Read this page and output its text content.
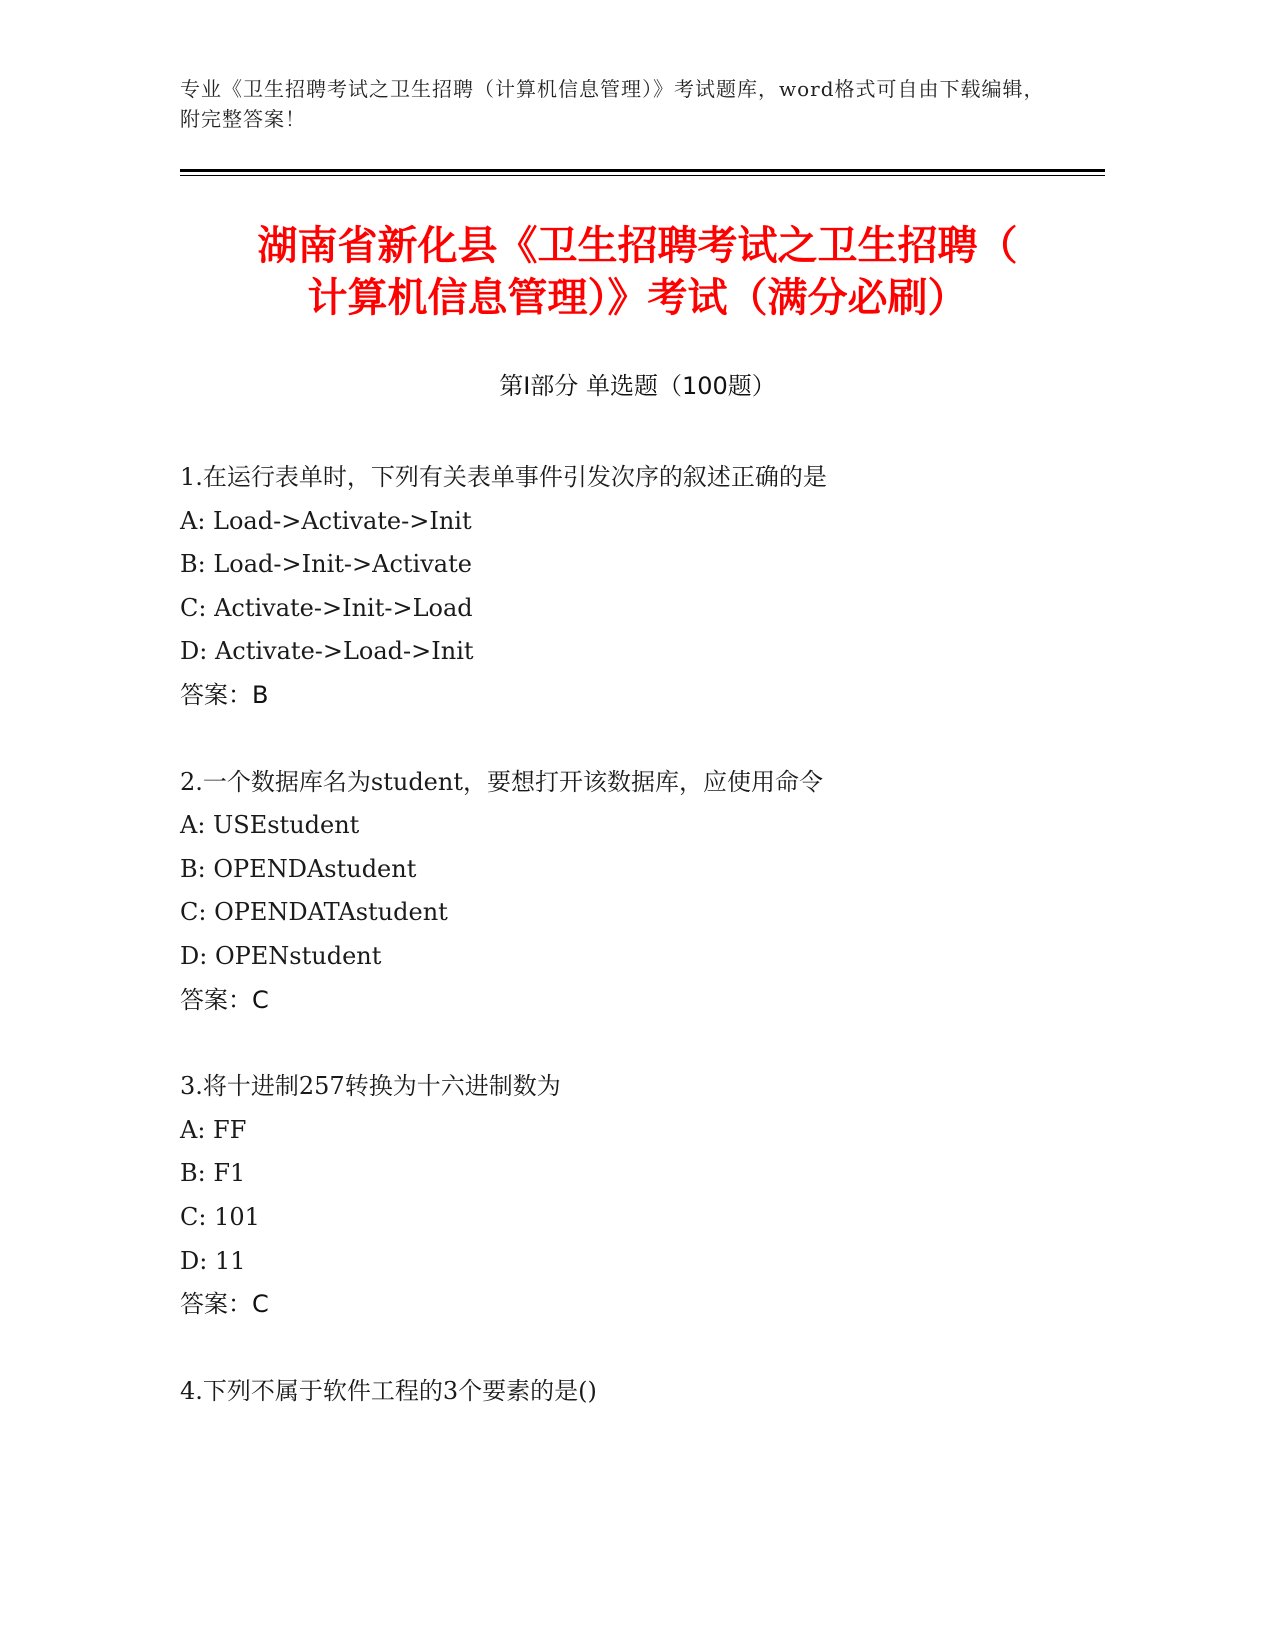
专业《卫生招聘考试之卫生招聘（计算机信息管理）》考试题库，word格式可自由下载编辑，附完整答案！
湖南省新化县《卫生招聘考试之卫生招聘（
计算机信息管理）》考试（满分必刷）
第Ⅰ部分 单选题（100题）
1.在运行表单时，下列有关表单事件引发次序的叙述正确的是
A: Load->Activate->Init
B: Load->Init->Activate
C: Activate->Init->Load
D: Activate->Load->Init
答案：B
2.一个数据库名为student，要想打开该数据库，应使用命令
A: USEstudent
B: OPENDAstudent
C: OPENDATAstudent
D: OPENstudent
答案：C
3.将十进制257转换为十六进制数为
A: FF
B: F1
C: 101
D: 11
答案：C
4.下列不属于软件工程的3个要素的是()
